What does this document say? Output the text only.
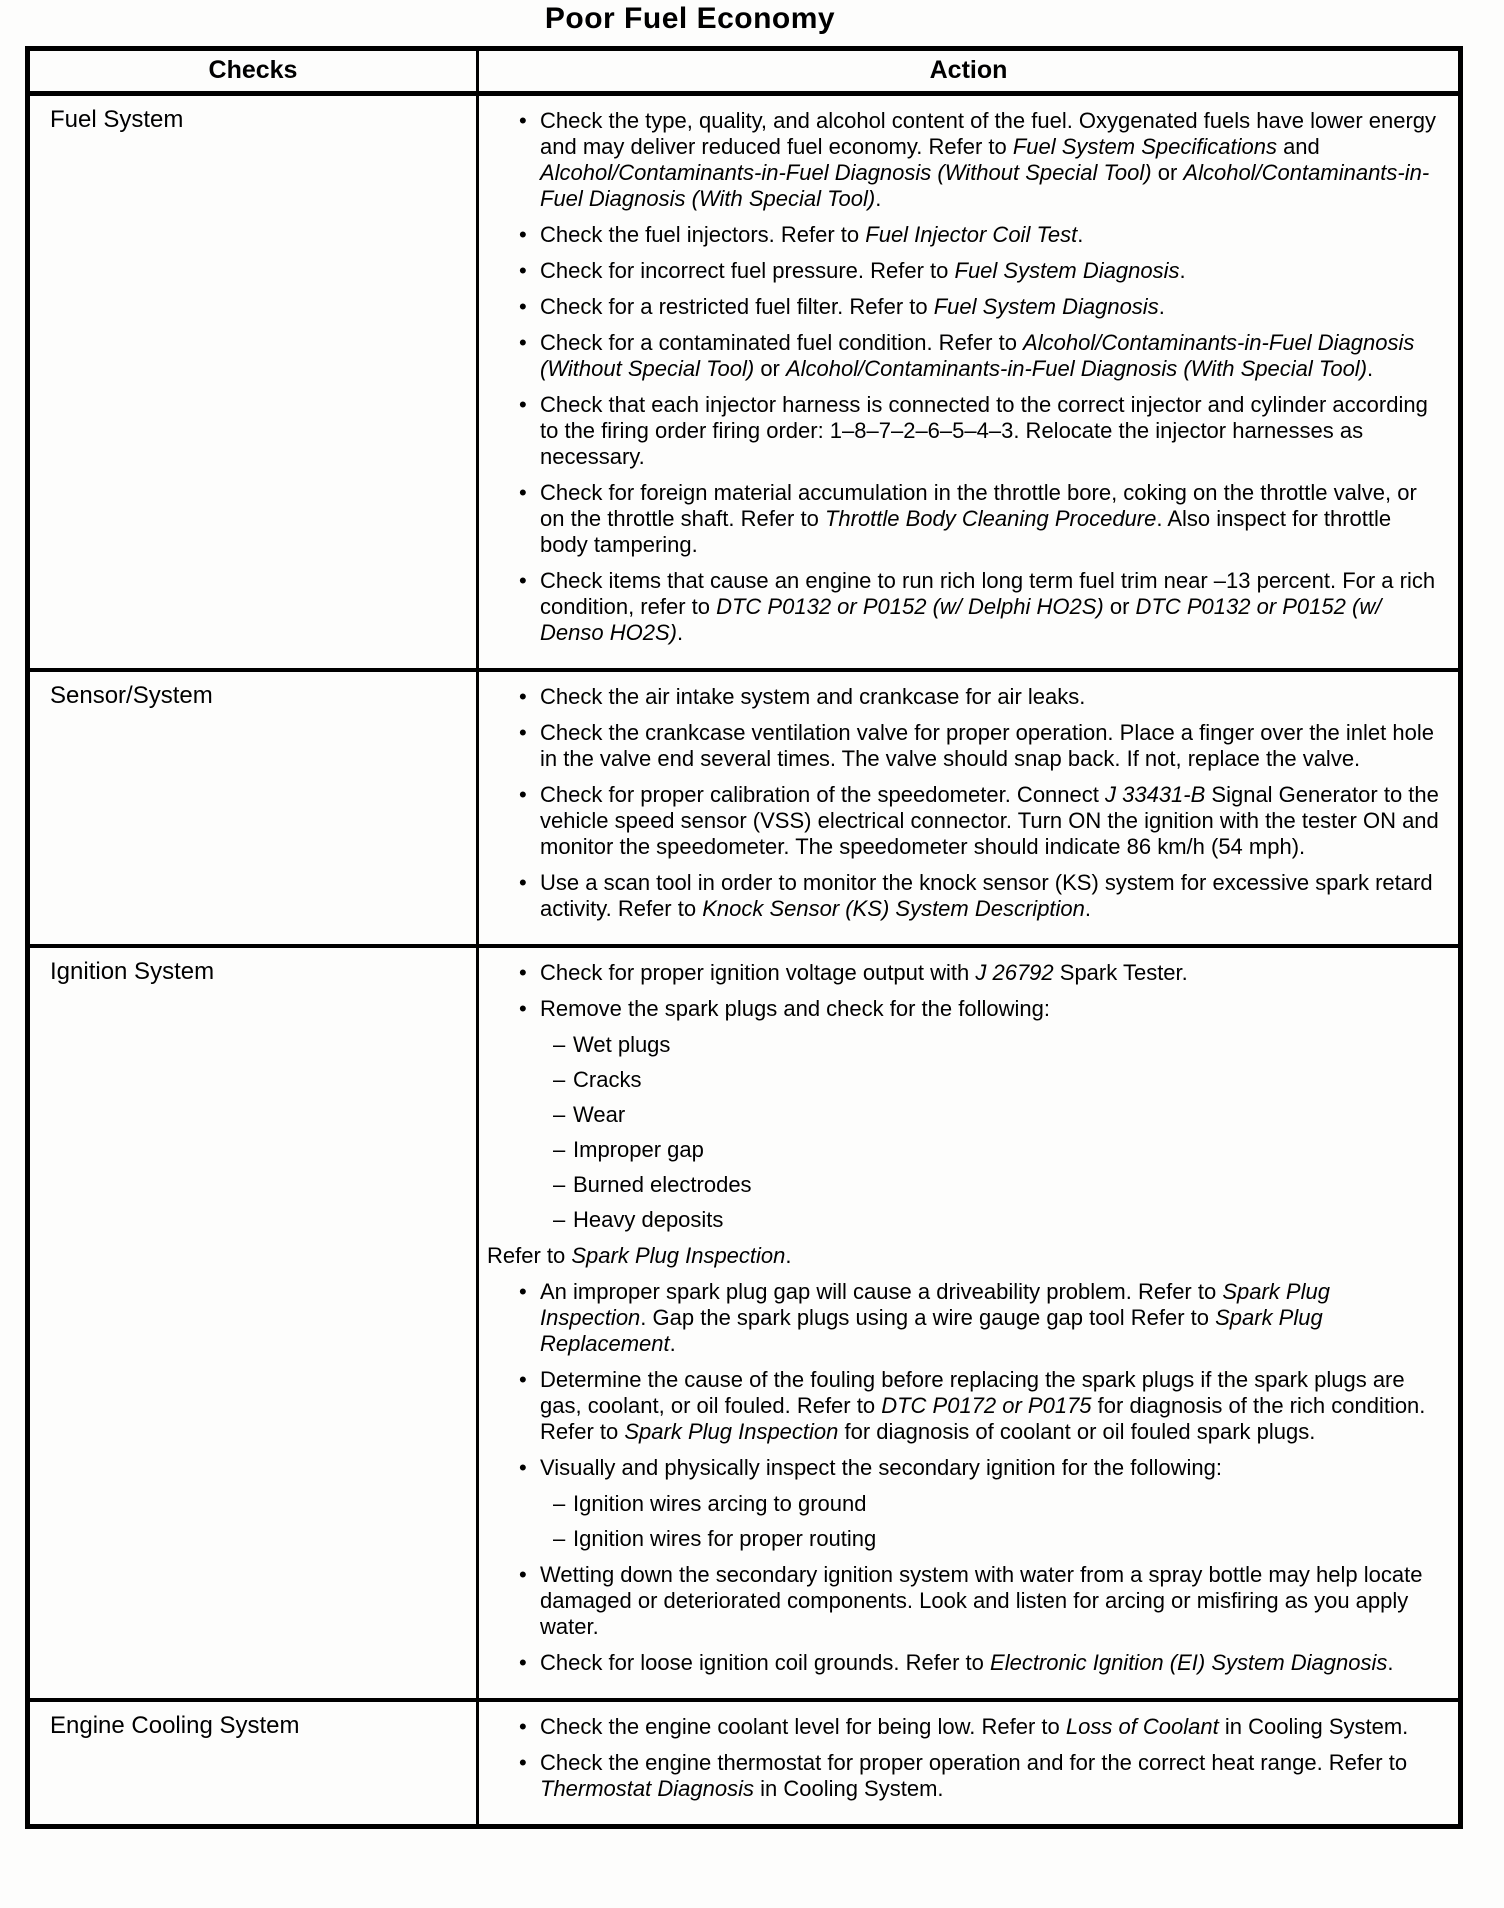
Poor Fuel Economy
Checks	Action
Fuel System	• Check the type, quality, and alcohol content of the fuel. Oxygenated fuels have lower energy and may deliver reduced fuel economy. Refer to Fuel System Specifications and Alcohol/Contaminants-in-Fuel Diagnosis (Without Special Tool) or Alcohol/Contaminants-in-Fuel Diagnosis (With Special Tool).
• Check the fuel injectors. Refer to Fuel Injector Coil Test.
• Check for incorrect fuel pressure. Refer to Fuel System Diagnosis.
• Check for a restricted fuel filter. Refer to Fuel System Diagnosis.
• Check for a contaminated fuel condition. Refer to Alcohol/Contaminants-in-Fuel Diagnosis (Without Special Tool) or Alcohol/Contaminants-in-Fuel Diagnosis (With Special Tool).
• Check that each injector harness is connected to the correct injector and cylinder according to the firing order firing order: 1–8–7–2–6–5–4–3. Relocate the injector harnesses as necessary.
• Check for foreign material accumulation in the throttle bore, coking on the throttle valve, or on the throttle shaft. Refer to Throttle Body Cleaning Procedure. Also inspect for throttle body tampering.
• Check items that cause an engine to run rich long term fuel trim near –13 percent. For a rich condition, refer to DTC P0132 or P0152 (w/ Delphi HO2S) or DTC P0132 or P0152 (w/ Denso HO2S).

Sensor/System	• Check the air intake system and crankcase for air leaks.
• Check the crankcase ventilation valve for proper operation. Place a finger over the inlet hole in the valve end several times. The valve should snap back. If not, replace the valve.
• Check for proper calibration of the speedometer. Connect J 33431-B Signal Generator to the vehicle speed sensor (VSS) electrical connector. Turn ON the ignition with the tester ON and monitor the speedometer. The speedometer should indicate 86 km/h (54 mph).
• Use a scan tool in order to monitor the knock sensor (KS) system for excessive spark retard activity. Refer to Knock Sensor (KS) System Description.

Ignition System	• Check for proper ignition voltage output with J 26792 Spark Tester.
• Remove the spark plugs and check for the following:
– Wet plugs
– Cracks
– Wear
– Improper gap
– Burned electrodes
– Heavy deposits
Refer to Spark Plug Inspection.
• An improper spark plug gap will cause a driveability problem. Refer to Spark Plug Inspection. Gap the spark plugs using a wire gauge gap tool Refer to Spark Plug Replacement.
• Determine the cause of the fouling before replacing the spark plugs if the spark plugs are gas, coolant, or oil fouled. Refer to DTC P0172 or P0175 for diagnosis of the rich condition. Refer to Spark Plug Inspection for diagnosis of coolant or oil fouled spark plugs.
• Visually and physically inspect the secondary ignition for the following:
– Ignition wires arcing to ground
– Ignition wires for proper routing
• Wetting down the secondary ignition system with water from a spray bottle may help locate damaged or deteriorated components. Look and listen for arcing or misfiring as you apply water.
• Check for loose ignition coil grounds. Refer to Electronic Ignition (EI) System Diagnosis.

Engine Cooling System	• Check the engine coolant level for being low. Refer to Loss of Coolant in Cooling System.
• Check the engine thermostat for proper operation and for the correct heat range. Refer to Thermostat Diagnosis in Cooling System.
